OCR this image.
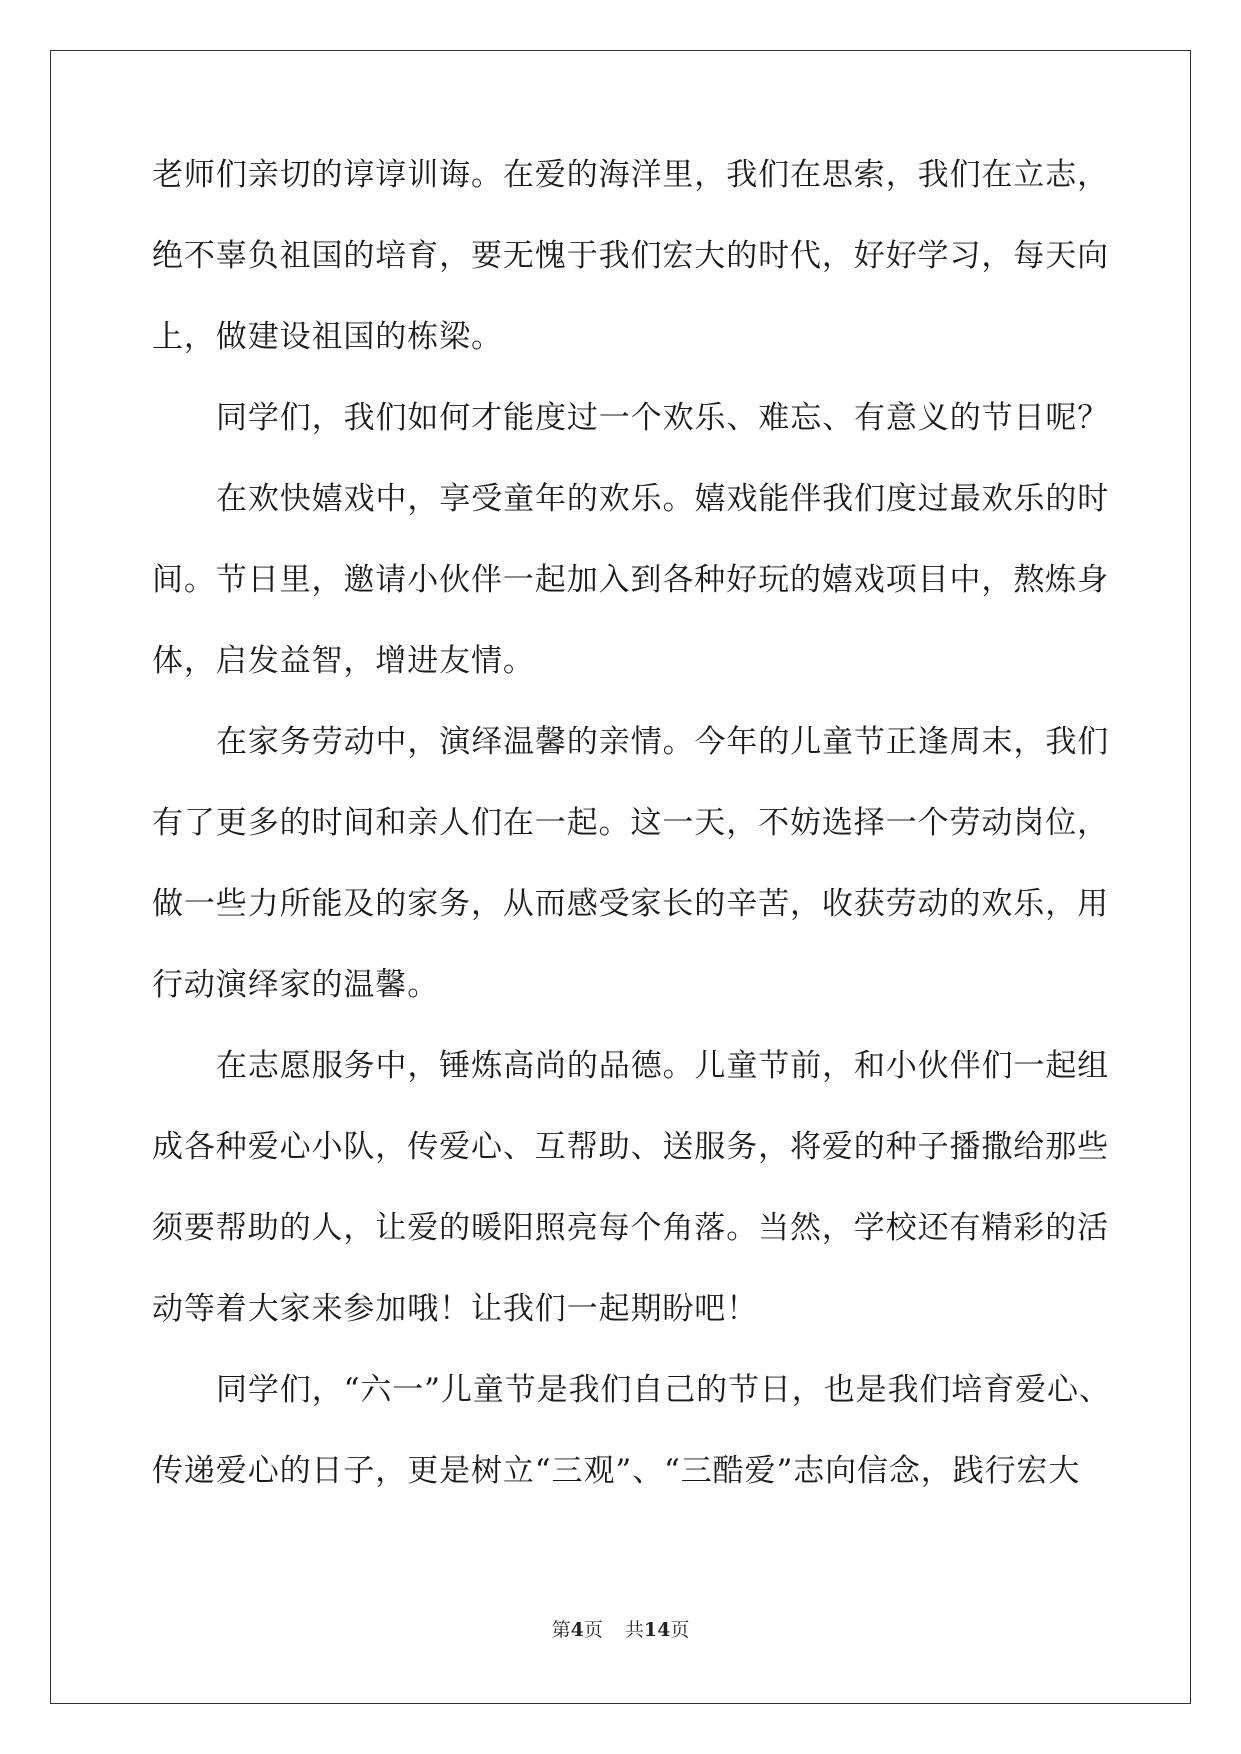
老师们亲切的谆谆训诲。在爱的海洋里，我们在思索，我们在立志，
绝不辜负祖国的培育，要无愧于我们宏大的时代，好好学习，每天向
上，做建设祖国的栋梁。
同学们，我们如何才能度过一个欢乐、难忘、有意义的节日呢？
在欢快嬉戏中，享受童年的欢乐。嬉戏能伴我们度过最欢乐的时
间。节日里，邀请小伙伴一起加入到各种好玩的嬉戏项目中，熬炼身
体，启发益智，增进友情。
在家务劳动中，演绎温馨的亲情。今年的儿童节正逢周末，我们
有了更多的时间和亲人们在一起。这一天，不妨选择一个劳动岗位，
做一些力所能及的家务，从而感受家长的辛苦，收获劳动的欢乐，用
行动演绎家的温馨。
在志愿服务中，锤炼高尚的品德。儿童节前，和小伙伴们一起组
成各种爱心小队，传爱心、互帮助、送服务，将爱的种子播撒给那些
须要帮助的人，让爱的暖阳照亮每个角落。当然，学校还有精彩的活
动等着大家来参加哦！让我们一起期盼吧！
同学们，“六一”儿童节是我们自己的节日，也是我们培育爱心、
传递爱心的日子，更是树立“三观”、“三酷爱”志向信念，践行宏大
第4页 共14页
